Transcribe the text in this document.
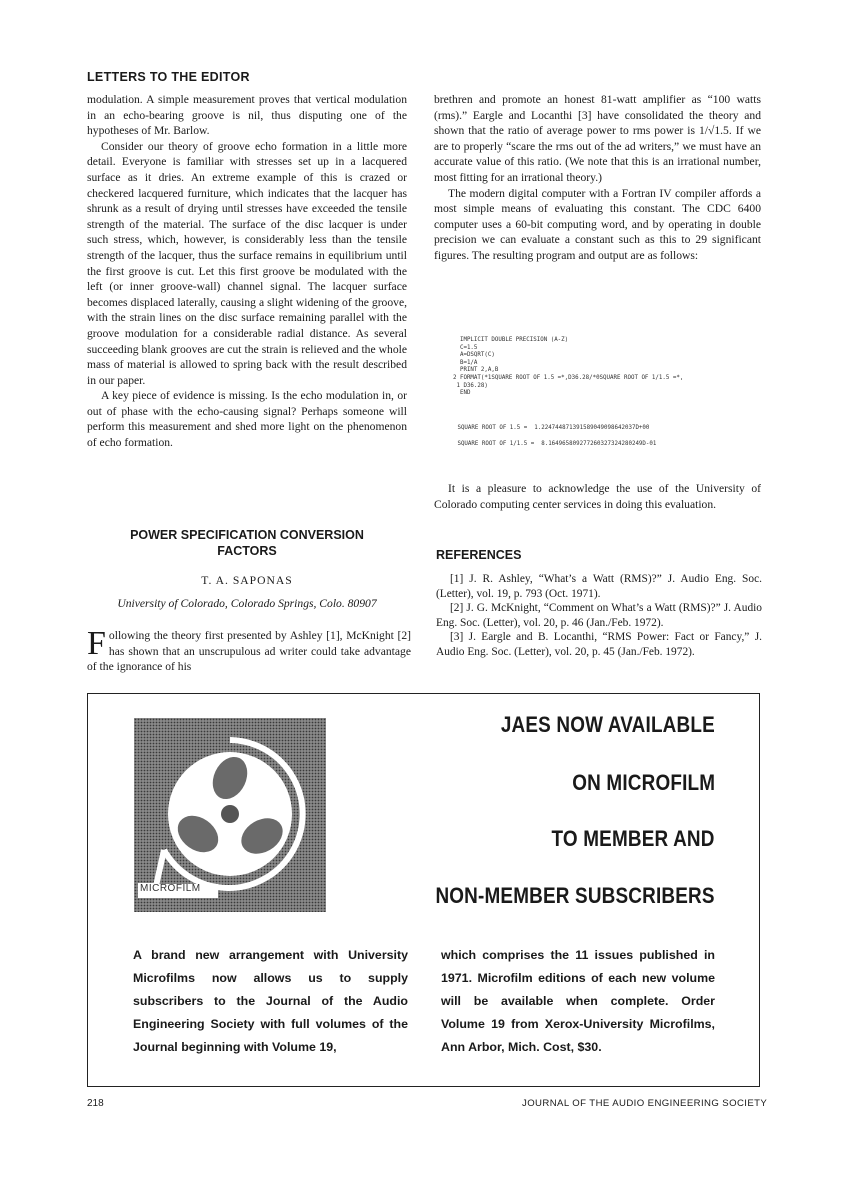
LETTERS TO THE EDITOR

modulation. A simple measurement proves that vertical modulation in an echo-bearing groove is nil, thus disputing one of the hypotheses of Mr. Barlow.

Consider our theory of groove echo formation in a little more detail. Everyone is familiar with stresses set up in a lacquered surface as it dries. An extreme example of this is crazed or checkered lacquered furniture, which indicates that the lacquer has shrunk as a result of drying until stresses have exceeded the tensile strength of the material. The surface of the disc lacquer is under such stress, which, however, is considerably less than the tensile strength of the lacquer, thus the surface remains in equilibrium until the first groove is cut. Let this first groove be modulated with the left (or inner groove-wall) channel signal. The lacquer surface becomes displaced laterally, causing a slight widening of the groove, with the strain lines on the disc surface remaining parallel with the groove modulation for a considerable radial distance. As several succeeding blank grooves are cut the strain is relieved and the whole mass of material is allowed to spring back with the result described in our paper.

A key piece of evidence is missing. Is the echo modulation in, or out of phase with the echo-causing signal? Perhaps someone will perform this measurement and shed more light on the phenomenon of echo formation.

POWER SPECIFICATION CONVERSION
FACTORS
T. A. SAPONAS
University of Colorado, Colorado Springs, Colo. 80907
F ollowing the theory first presented by Ashley [1], McKnight [2] has shown that an unscrupulous ad writer could take advantage of the ignorance of his

brethren and promote an honest 81-watt amplifier as “100 watts (rms).” Eargle and Locanthi [3] have consolidated the theory and shown that the ratio of average power to rms power is 1/√1.5. If we are to properly “scare the rms out of the ad writers,” we must have an accurate value of this ratio. (We note that this is an irrational number, most fitting for an irrational theory.)

The modern digital computer with a Fortran IV compiler affords a most simple means of evaluating this constant. The CDC 6400 computer uses a 60-bit computing word, and by operating in double precision we can evaluate a constant such as this to 29 significant figures. The resulting program and output are as follows:

IMPLICIT DOUBLE PRECISION (A-Z)
C=1.5
A=DSQRT(C)
B=1/A
PRINT 2,A,B
2 FORMAT(*1SQUARE ROOT OF 1.5 =*,D36.28/*0SQUARE ROOT OF 1/1.5 =*,
1 D36.28)
END
SQUARE ROOT OF 1.5 =  1.224744871391589049098642037D+00
SQUARE ROOT OF 1/1.5 =  8.164965809277260327324280249D-01

It is a pleasure to acknowledge the use of the University of Colorado computing center services in doing this evaluation.

REFERENCES

[1] J. R. Ashley, “What’s a Watt (RMS)?” J. Audio Eng. Soc. (Letter), vol. 19, p. 793 (Oct. 1971).

[2] J. G. McKnight, “Comment on What’s a Watt (RMS)?” J. Audio Eng. Soc. (Letter), vol. 20, p. 46 (Jan./Feb. 1972).

[3] J. Eargle and B. Locanthi, “RMS Power: Fact or Fancy,” J. Audio Eng. Soc. (Letter), vol. 20, p. 45 (Jan./Feb. 1972).

MICROFILM
JAES NOW AVAILABLE
ON MICROFILM
TO MEMBER AND
NON-MEMBER SUBSCRIBERS
A brand new arrangement with University Microfilms now allows us to supply subscribers to the Journal of the Audio Engineering Society with full volumes of the Journal beginning with Volume 19,
which comprises the 11 issues published in 1971. Microfilm editions of each new volume will be available when complete. Order Volume 19 from Xerox-University Microfilms, Ann Arbor, Mich. Cost, $30.
218	JOURNAL OF THE AUDIO ENGINEERING SOCIETY
